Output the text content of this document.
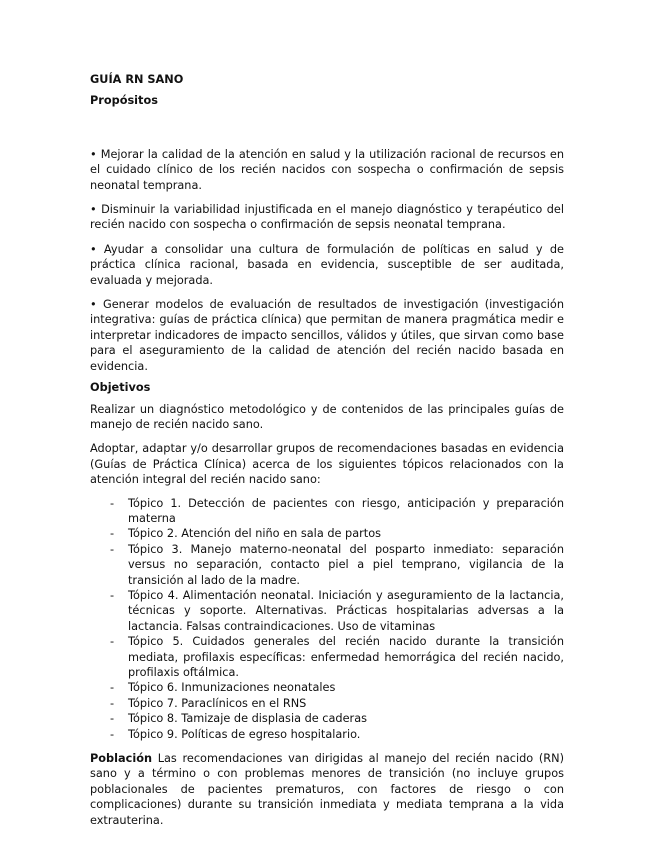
GUÍA RN SANO

Propósitos

• Mejorar la calidad de la atención en salud y la utilización racional de recursos en el cuidado clínico de los recién nacidos con sospecha o confirmación de sepsis neonatal temprana.

• Disminuir la variabilidad injustificada en el manejo diagnóstico y terapéutico del recién nacido con sospecha o confirmación de sepsis neonatal temprana.

• Ayudar a consolidar una cultura de formulación de políticas en salud y de práctica clínica racional, basada en evidencia, susceptible de ser auditada, evaluada y mejorada.

• Generar modelos de evaluación de resultados de investigación (investigación integrativa: guías de práctica clínica) que permitan de manera pragmática medir e interpretar indicadores de impacto sencillos, válidos y útiles, que sirvan como base para el aseguramiento de la calidad de atención del recién nacido basada en evidencia.

Objetivos

Realizar un diagnóstico metodológico y de contenidos de las principales guías de manejo de recién nacido sano.

Adoptar, adaptar y/o desarrollar grupos de recomendaciones basadas en evidencia (Guías de Práctica Clínica) acerca de los siguientes tópicos relacionados con la atención integral del recién nacido sano:

- Tópico 1. Detección de pacientes con riesgo, anticipación y preparación materna
- Tópico 2. Atención del niño en sala de partos
- Tópico 3. Manejo materno-neonatal del posparto inmediato: separación versus no separación, contacto piel a piel temprano, vigilancia de la transición al lado de la madre.
- Tópico 4. Alimentación neonatal. Iniciación y aseguramiento de la lactancia, técnicas y soporte. Alternativas. Prácticas hospitalarias adversas a la lactancia. Falsas contraindicaciones. Uso de vitaminas
- Tópico 5. Cuidados generales del recién nacido durante la transición mediata, profilaxis específicas: enfermedad hemorrágica del recién nacido, profilaxis oftálmica.
- Tópico 6. Inmunizaciones neonatales
- Tópico 7. Paraclínicos en el RNS
- Tópico 8. Tamizaje de displasia de caderas
- Tópico 9. Políticas de egreso hospitalario.

Población Las recomendaciones van dirigidas al manejo del recién nacido (RN) sano y a término o con problemas menores de transición (no incluye grupos poblacionales de pacientes prematuros, con factores de riesgo o con complicaciones) durante su transición inmediata y mediata temprana a la vida extrauterina.
